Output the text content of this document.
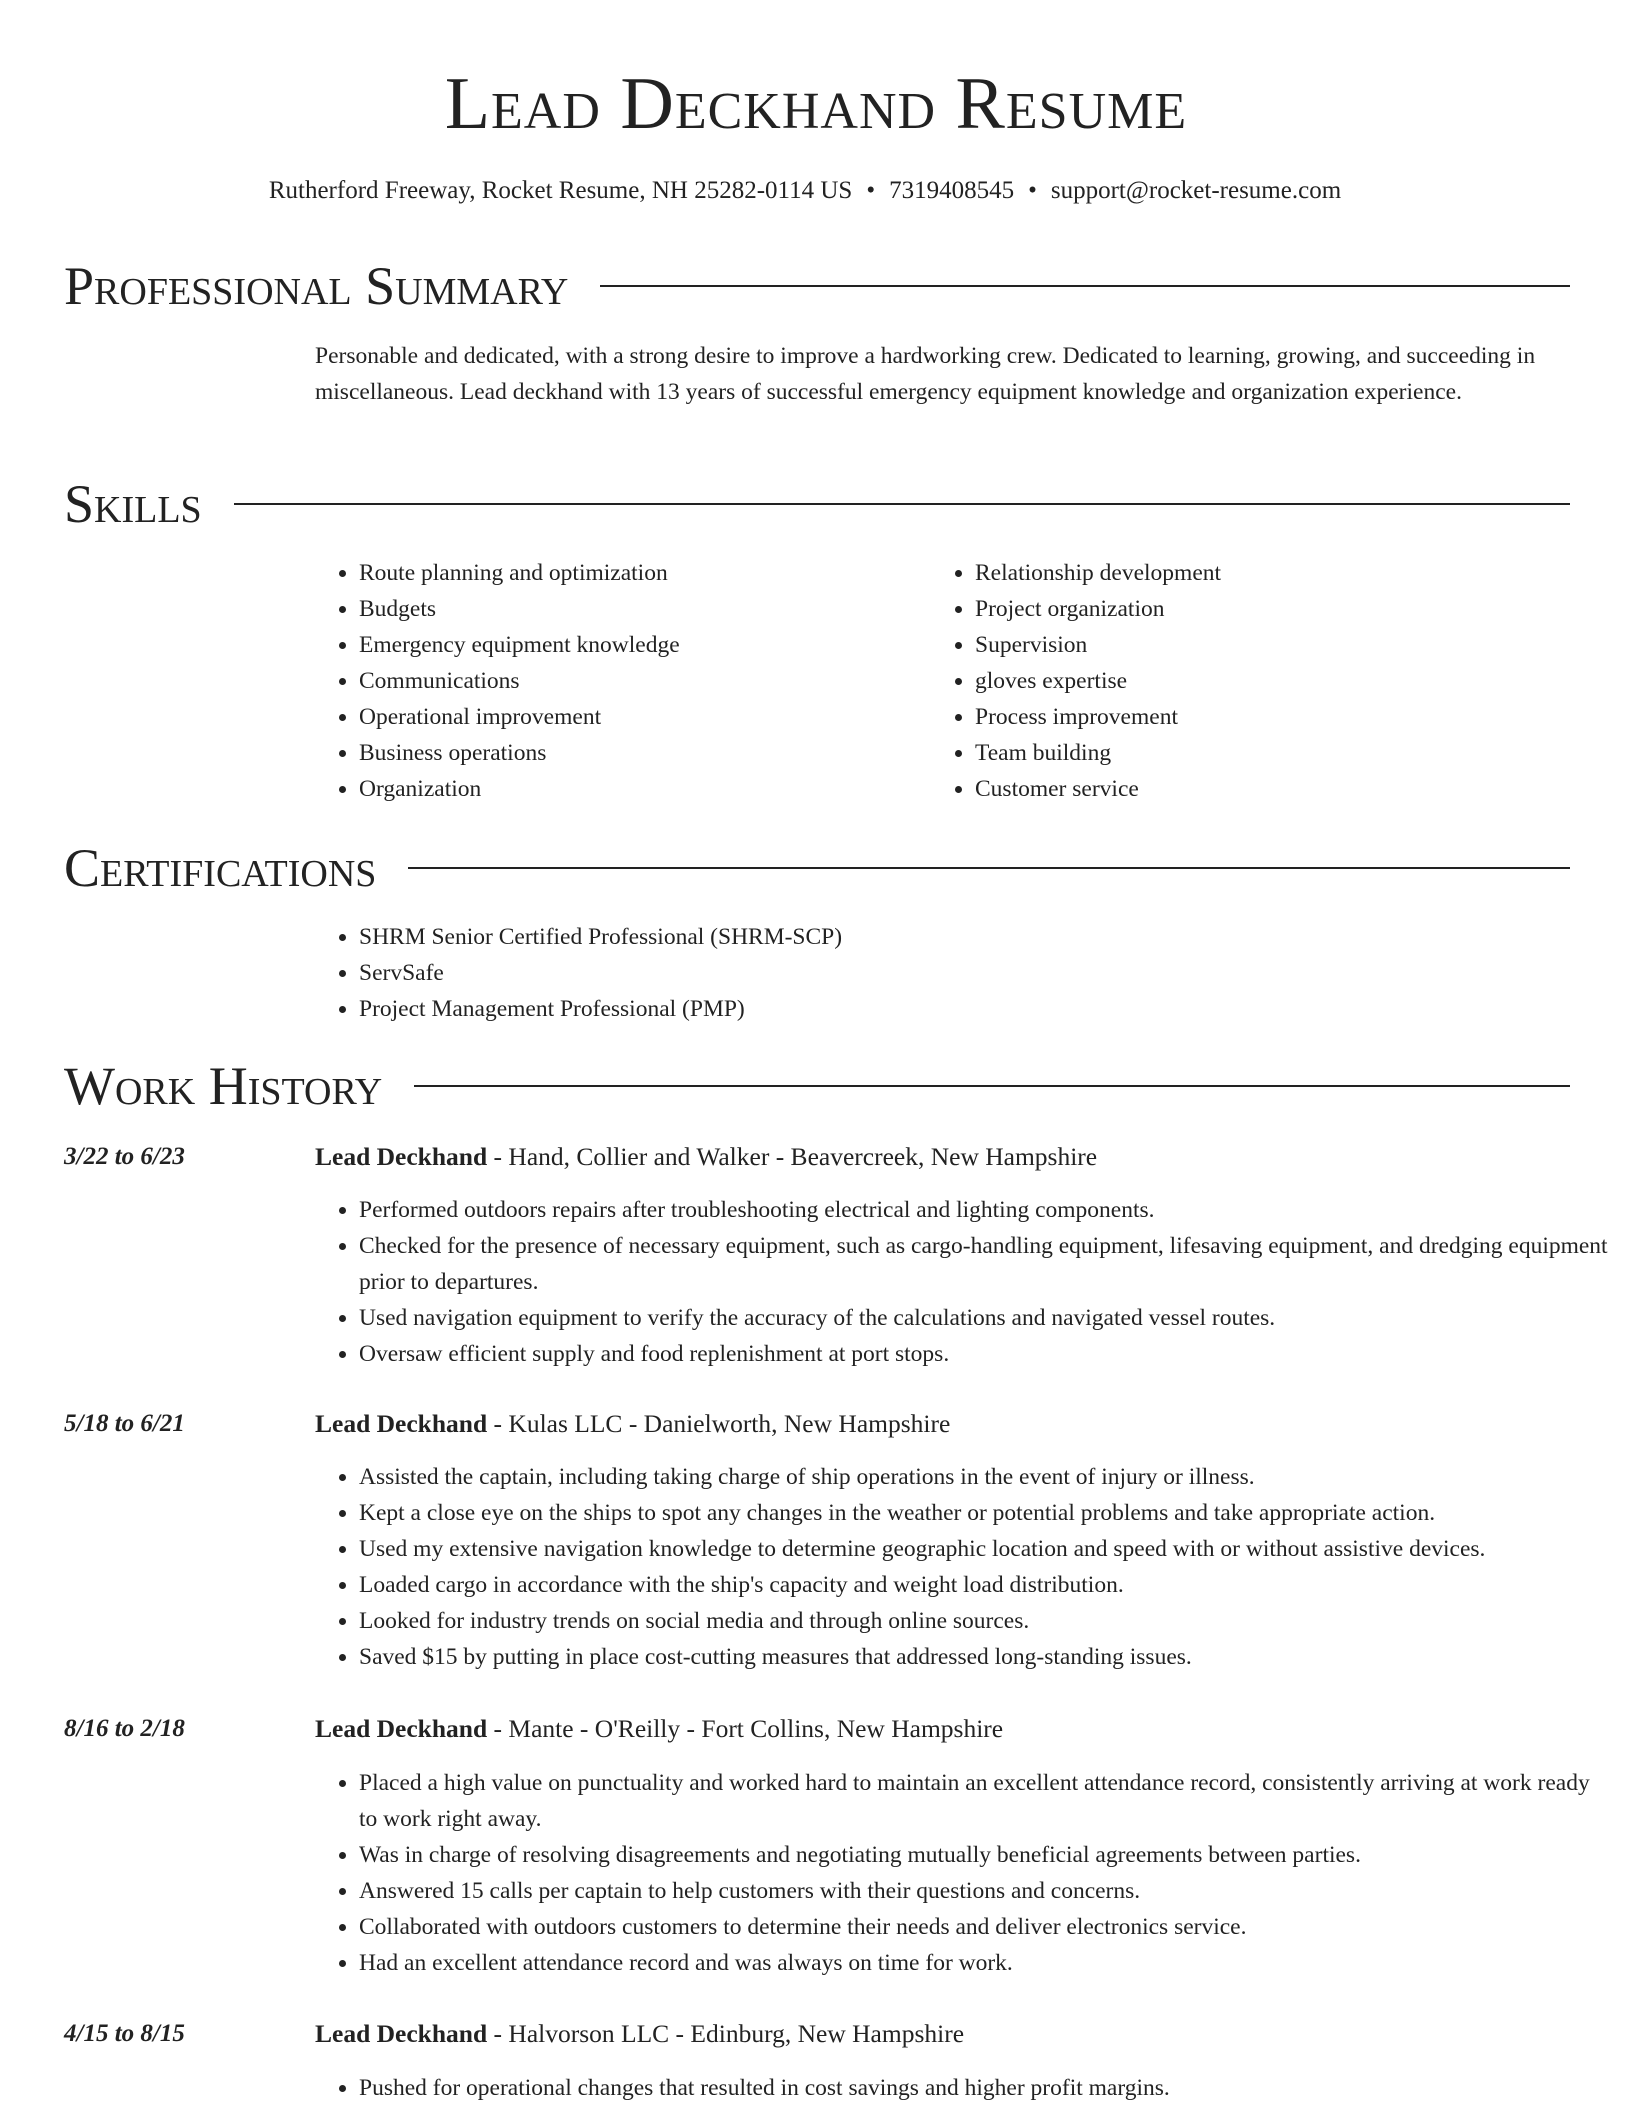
Lead Deckhand Resume
Rutherford Freeway, Rocket Resume, NH 25282-0114 US • 7319408545 • support@rocket-resume.com
Professional Summary
Personable and dedicated, with a strong desire to improve a hardworking crew. Dedicated to learning, growing, and succeeding in miscellaneous. Lead deckhand with 13 years of successful emergency equipment knowledge and organization experience.
Skills
• Route planning and optimization
• Budgets
• Emergency equipment knowledge
• Communications
• Operational improvement
• Business operations
• Organization
• Relationship development
• Project organization
• Supervision
• gloves expertise
• Process improvement
• Team building
• Customer service
Certifications
• SHRM Senior Certified Professional (SHRM-SCP)
• ServSafe
• Project Management Professional (PMP)
Work History
3/22 to 6/23	Lead Deckhand - Hand, Collier and Walker - Beavercreek, New Hampshire
• Performed outdoors repairs after troubleshooting electrical and lighting components.
• Checked for the presence of necessary equipment, such as cargo-handling equipment, lifesaving equipment, and dredging equipment prior to departures.
• Used navigation equipment to verify the accuracy of the calculations and navigated vessel routes.
• Oversaw efficient supply and food replenishment at port stops.
5/18 to 6/21	Lead Deckhand - Kulas LLC - Danielworth, New Hampshire
• Assisted the captain, including taking charge of ship operations in the event of injury or illness.
• Kept a close eye on the ships to spot any changes in the weather or potential problems and take appropriate action.
• Used my extensive navigation knowledge to determine geographic location and speed with or without assistive devices.
• Loaded cargo in accordance with the ship's capacity and weight load distribution.
• Looked for industry trends on social media and through online sources.
• Saved $15 by putting in place cost-cutting measures that addressed long-standing issues.
8/16 to 2/18	Lead Deckhand - Mante - O'Reilly - Fort Collins, New Hampshire
• Placed a high value on punctuality and worked hard to maintain an excellent attendance record, consistently arriving at work ready to work right away.
• Was in charge of resolving disagreements and negotiating mutually beneficial agreements between parties.
• Answered 15 calls per captain to help customers with their questions and concerns.
• Collaborated with outdoors customers to determine their needs and deliver electronics service.
• Had an excellent attendance record and was always on time for work.
4/15 to 8/15	Lead Deckhand - Halvorson LLC - Edinburg, New Hampshire
• Pushed for operational changes that resulted in cost savings and higher profit margins.
